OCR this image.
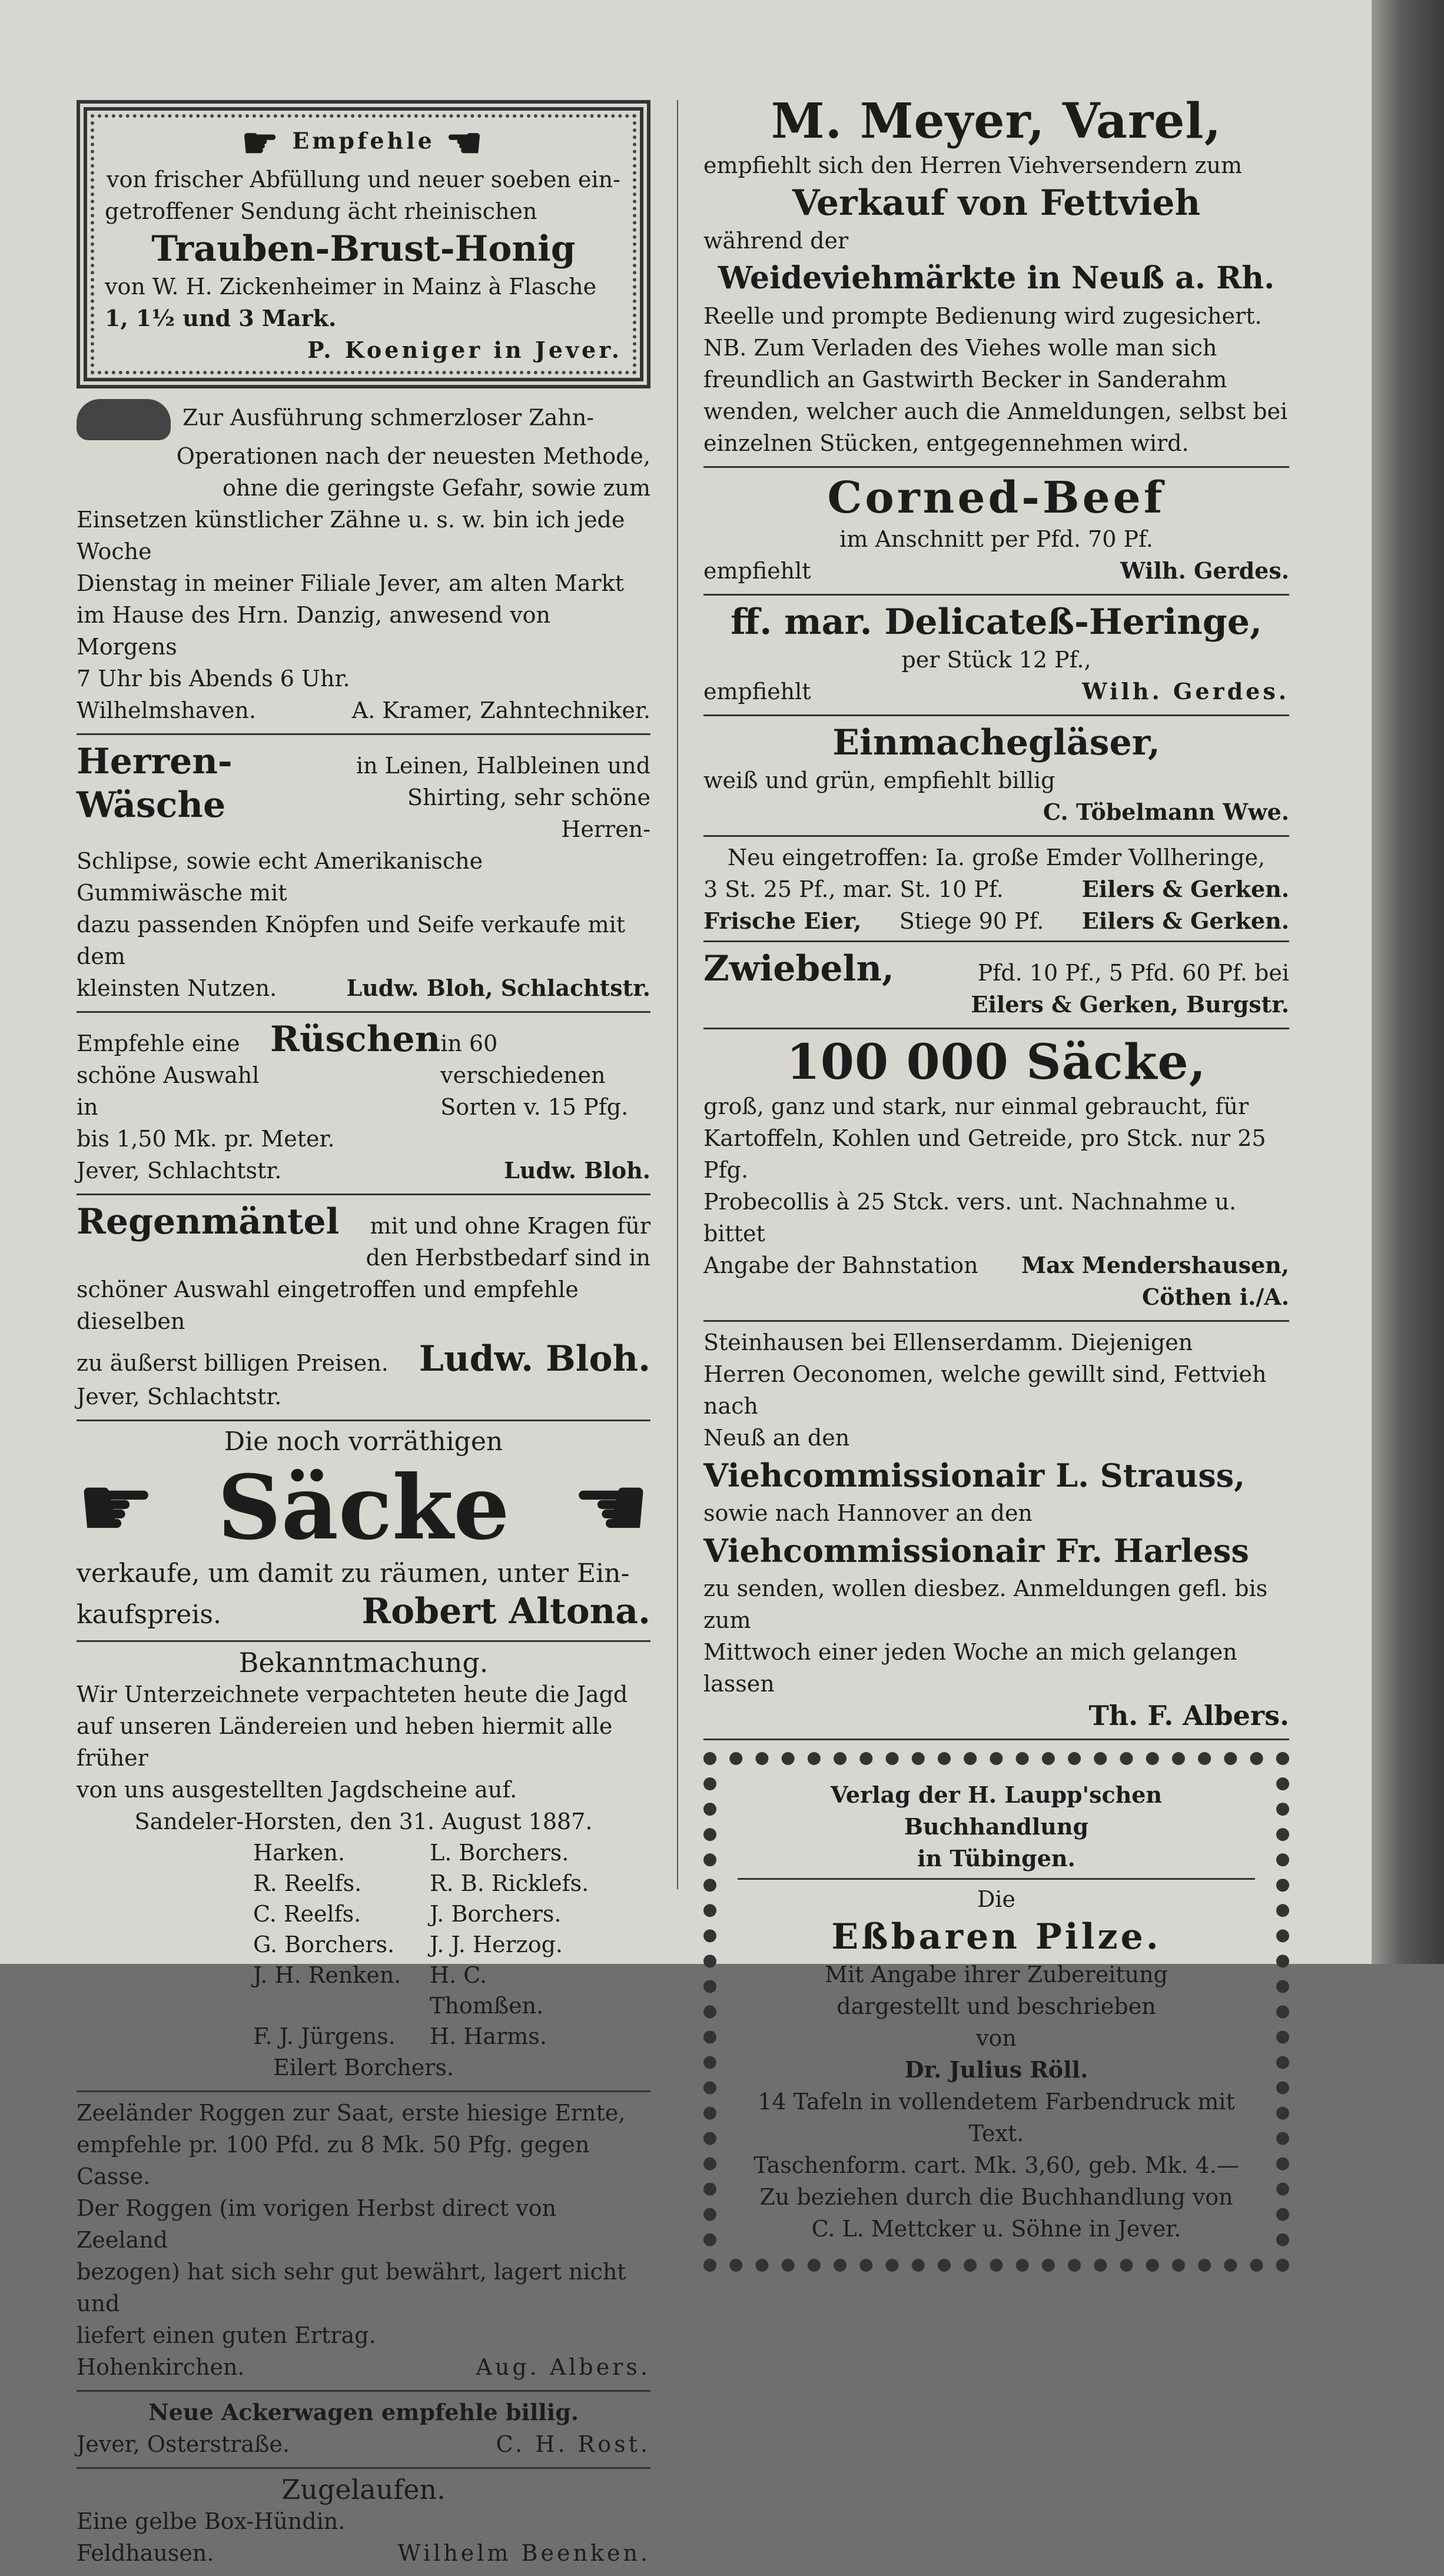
☛ Empfehle ☚

von frischer Abfüllung und neuer soeben ein-

getroffener Sendung ächt rheinischen

Trauben-Brust-Honig

von W. H. Zickenheimer in Mainz à Flasche

1, 1½ und 3 Mark.

P. Koeniger in Jever.

Zur Ausführung schmerzloser Zahn-

Operationen nach der neuesten Methode,

ohne die geringste Gefahr, sowie zum

Einsetzen künstlicher Zähne u. s. w. bin ich jede Woche

Dienstag in meiner Filiale Jever, am alten Markt

im Hause des Hrn. Danzig, anwesend von Morgens

7 Uhr bis Abends 6 Uhr.

Wilhelmshaven.	A. Kramer, Zahntechniker.
Herren-Wäsche
in Leinen, Halbleinen und
Shirting, sehr schöne Herren-

Schlipse, sowie echt Amerikanische Gummiwäsche mit

dazu passenden Knöpfen und Seife verkaufe mit dem

kleinsten Nutzen.	Ludw. Bloh, Schlachtstr.
Empfehle eine
schöne Auswahl in
Rüschen in 60 verschiedenen
Sorten v. 15 Pfg.

bis 1,50 Mk. pr. Meter.

Jever, Schlachtstr.	Ludw. Bloh.
Regenmäntel mit und ohne Kragen für
den Herbstbedarf sind in

schöner Auswahl eingetroffen und empfehle dieselben

zu äußerst billigen Preisen. Ludw. Bloh.

Jever, Schlachtstr.

Die noch vorräthigen

☛ Säcke ☚

verkaufe, um damit zu räumen, unter Ein-

kaufspreis.	Robert Altona.

Bekanntmachung.

Wir Unterzeichnete verpachteten heute die Jagd

auf unseren Ländereien und heben hiermit alle früher

von uns ausgestellten Jagdscheine auf.

Sandeler-Horsten, den 31. August 1887.

Harken.	L. Borchers.
R. Reelfs.	R. B. Ricklefs.
C. Reelfs.	J. Borchers.
G. Borchers.	J. J. Herzog.
J. H. Renken.	H. C. Thomßen.
F. J. Jürgens.	H. Harms.

Eilert Borchers.

Zeeländer Roggen zur Saat, erste hiesige Ernte,

empfehle pr. 100 Pfd. zu 8 Mk. 50 Pfg. gegen Casse.

Der Roggen (im vorigen Herbst direct von Zeeland

bezogen) hat sich sehr gut bewährt, lagert nicht und

liefert einen guten Ertrag.

Hohenkirchen.	Aug. Albers.

Neue Ackerwagen empfehle billig.

Jever, Osterstraße.	C. H. Rost.

Zugelaufen.

Eine gelbe Box-Hündin.

Feldhausen.	Wilhelm Beenken.

M. Meyer, Varel,

empfiehlt sich den Herren Viehversendern zum

Verkauf von Fettvieh

während der

Weideviehmärkte in Neuß a. Rh.

Reelle und prompte Bedienung wird zugesichert.

NB. Zum Verladen des Viehes wolle man sich

freundlich an Gastwirth Becker in Sanderahm

wenden, welcher auch die Anmeldungen, selbst bei

einzelnen Stücken, entgegennehmen wird.

Corned-Beef

im Anschnitt per Pfd. 70 Pf.

empfiehlt	Wilh. Gerdes.

ff. mar. Delicateß-Heringe,

per Stück 12 Pf.,

empfiehlt	Wilh. Gerdes.

Einmachegläser,

weiß und grün, empfiehlt billig

C. Töbelmann Wwe.

Neu eingetroffen: Ia. große Emder Vollheringe,

3 St. 25 Pf., mar. St. 10 Pf.	Eilers & Gerken.
Frische Eier, Stiege 90 Pf. Eilers & Gerken.
Zwiebeln,	Pfd. 10 Pf., 5 Pfd. 60 Pf. bei
Eilers & Gerken, Burgstr.

100 000 Säcke,

groß, ganz und stark, nur einmal gebraucht, für

Kartoffeln, Kohlen und Getreide, pro Stck. nur 25 Pfg.

Probecollis à 25 Stck. vers. unt. Nachnahme u. bittet

Angabe der Bahnstation Max Mendershausen,

Cöthen i./A.

Steinhausen bei Ellenserdamm. Diejenigen

Herren Oeconomen, welche gewillt sind, Fettvieh nach

Neuß an den

Viehcommissionair L. Strauss,

sowie nach Hannover an den

Viehcommissionair Fr. Harless

zu senden, wollen diesbez. Anmeldungen gefl. bis zum

Mittwoch einer jeden Woche an mich gelangen lassen

Th. F. Albers.

Verlag der H. Laupp'schen Buchhandlung

in Tübingen.

Die

Eßbaren Pilze.

Mit Angabe ihrer Zubereitung

dargestellt und beschrieben

von

Dr. Julius Röll.

14 Tafeln in vollendetem Farbendruck mit Text.

Taschenform. cart. Mk. 3,60, geb. Mk. 4.—

Zu beziehen durch die Buchhandlung von

C. L. Mettcker u. Söhne in Jever.
